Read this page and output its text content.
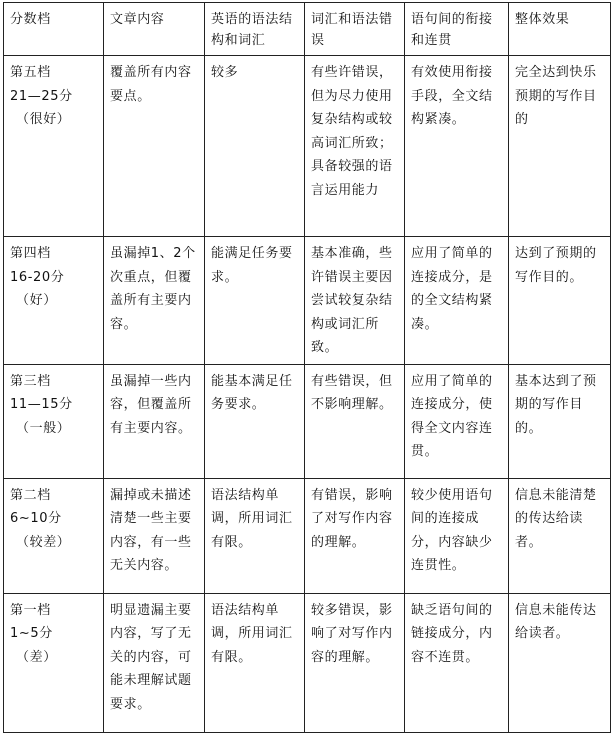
分数档	文章内容	英语的语法结构和词汇	词汇和语法错误	语句间的衔接和连贯	整体效果

第五档
21—25分
（很好）	覆盖所有内容要点。	较多	有些许错误，但为尽力使用复杂结构或较高词汇所致；具备较强的语言运用能力	有效使用衔接手段，全文结构紧凑。	完全达到快乐预期的写作目的

第四档
16-20分
（好）	虽漏掉1、2个次重点，但覆盖所有主要内容。	能满足任务要求。	基本准确，些许错误主要因尝试较复杂结构或词汇所致。	应用了简单的连接成分，是的全文结构紧凑。	达到了预期的写作目的。

第三档
11—15分
（一般）	虽漏掉一些内容，但覆盖所有主要内容。	能基本满足任务要求。	有些错误，但不影响理解。	应用了简单的连接成分，使得全文内容连贯。	基本达到了预期的写作目的。

第二档
6~10分
（较差）	漏掉或未描述清楚一些主要内容，有一些无关内容。	语法结构单调，所用词汇有限。	有错误，影响了对写作内容的理解。	较少使用语句间的连接成分，内容缺少连贯性。	信息未能清楚的传达给读者。

第一档
1~5分
（差）	明显遗漏主要内容，写了无关的内容，可能未理解试题要求。	语法结构单调，所用词汇有限。	较多错误，影响了对写作内容的理解。	缺乏语句间的链接成分，内容不连贯。	信息未能传达给读者。
